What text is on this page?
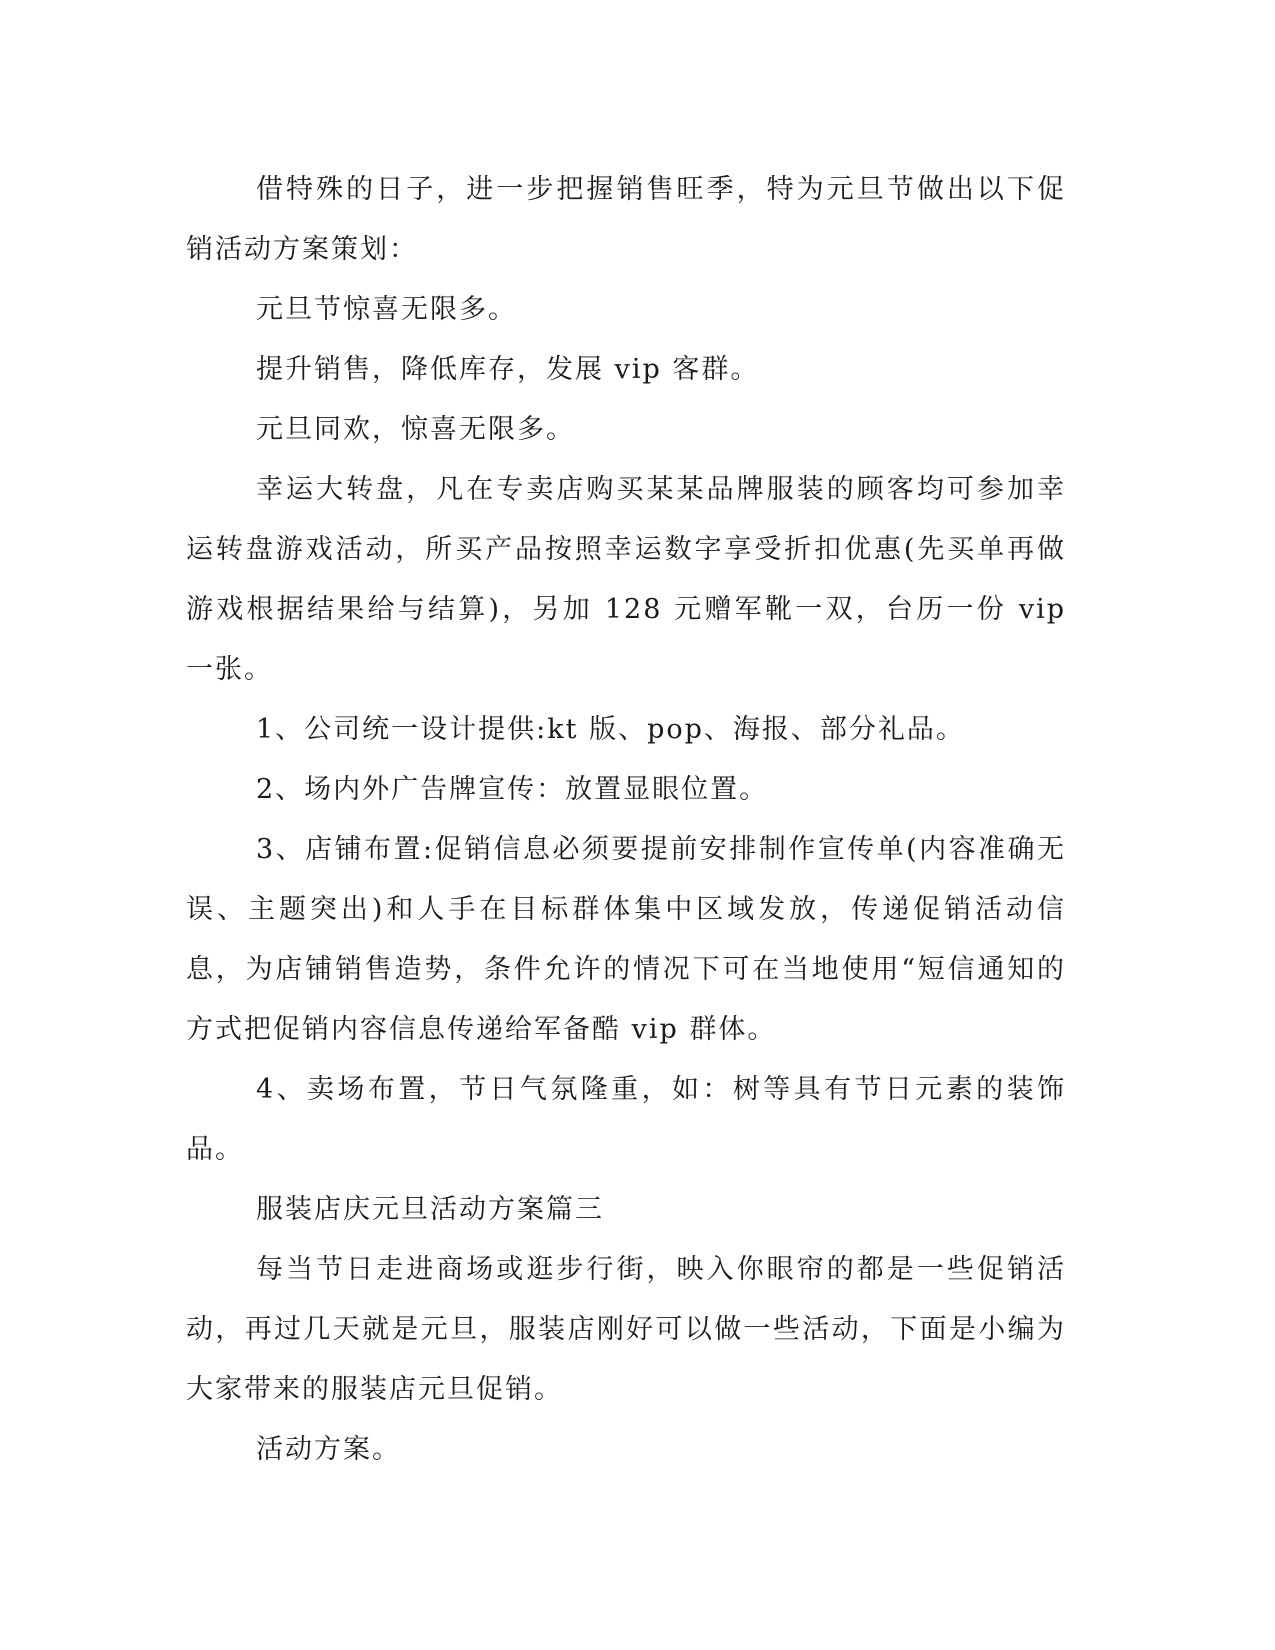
借特殊的日子，进一步把握销售旺季，特为元旦节做出以下促销活动方案策划：

元旦节惊喜无限多。

提升销售，降低库存，发展 vip 客群。

元旦同欢，惊喜无限多。

幸运大转盘，凡在专卖店购买某某品牌服装的顾客均可参加幸运转盘游戏活动，所买产品按照幸运数字享受折扣优惠(先买单再做游戏根据结果给与结算)，另加 128 元赠军靴一双，台历一份 vip 一张。

1、公司统一设计提供:kt 版、pop、海报、部分礼品。

2、场内外广告牌宣传：放置显眼位置。

3、店铺布置:促销信息必须要提前安排制作宣传单(内容准确无误、主题突出)和人手在目标群体集中区域发放，传递促销活动信息，为店铺销售造势，条件允许的情况下可在当地使用“短信通知的方式把促销内容信息传递给军备酷 vip 群体。

4、卖场布置，节日气氛隆重，如：树等具有节日元素的装饰品。

服装店庆元旦活动方案篇三

每当节日走进商场或逛步行街，映入你眼帘的都是一些促销活动，再过几天就是元旦，服装店刚好可以做一些活动，下面是小编为大家带来的服装店元旦促销。

活动方案。
